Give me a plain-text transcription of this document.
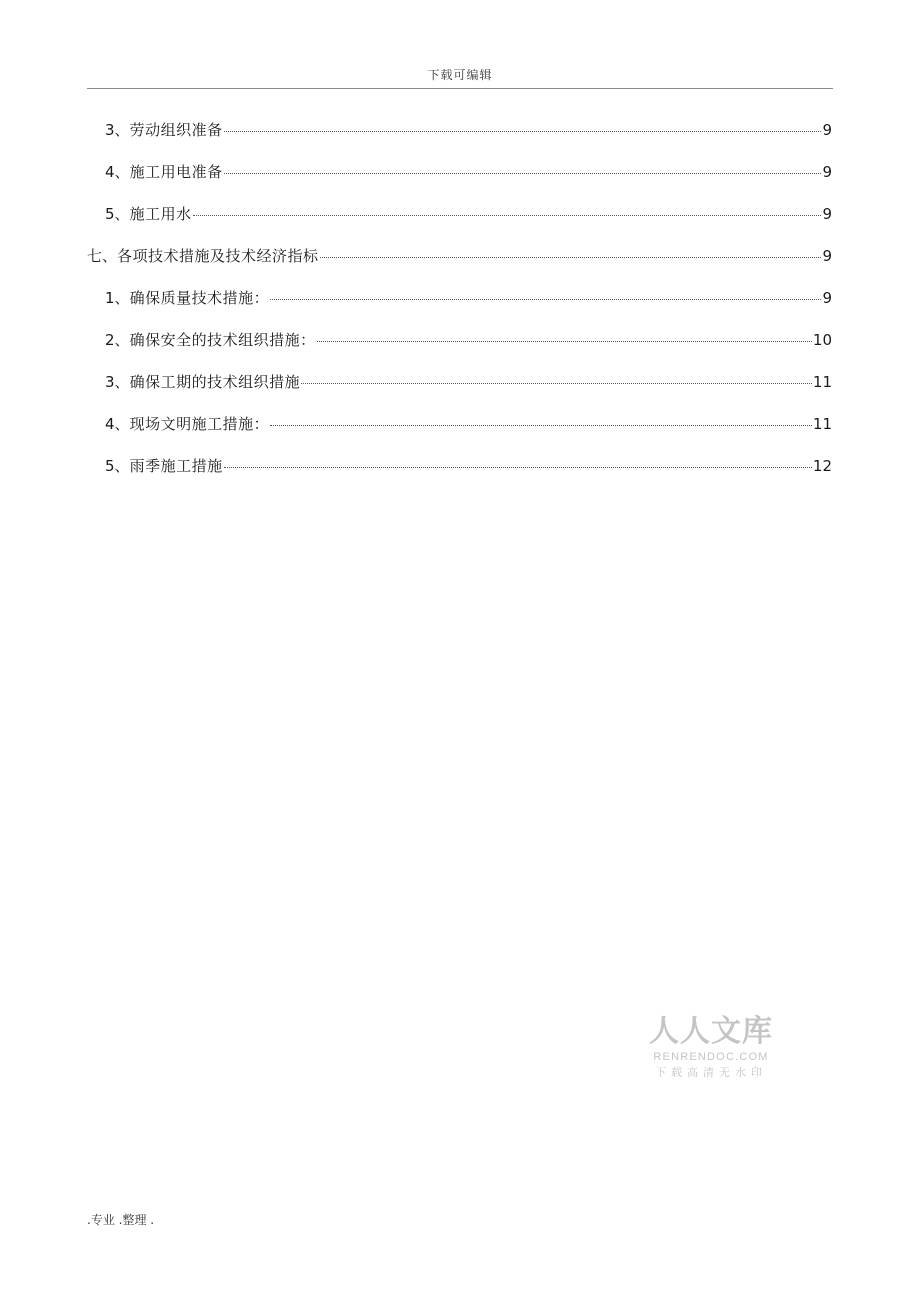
下载可编辑
3 、 劳动组织准备	9
4 、 施工用电准备	9
5 、 施工用水	9
七 、 各项技术措施及技术经济指标	9
1 、 确保质量技术措施：	9
2 、 确保安全的技术组织措施：	10
3 、 确保工期的技术组织措施	11
4 、 现场文明施工措施：	11
5 、 雨季施工措施	12
人人文库
RENRENDOC.COM
下载高清无水印
.专业 .整理 .
